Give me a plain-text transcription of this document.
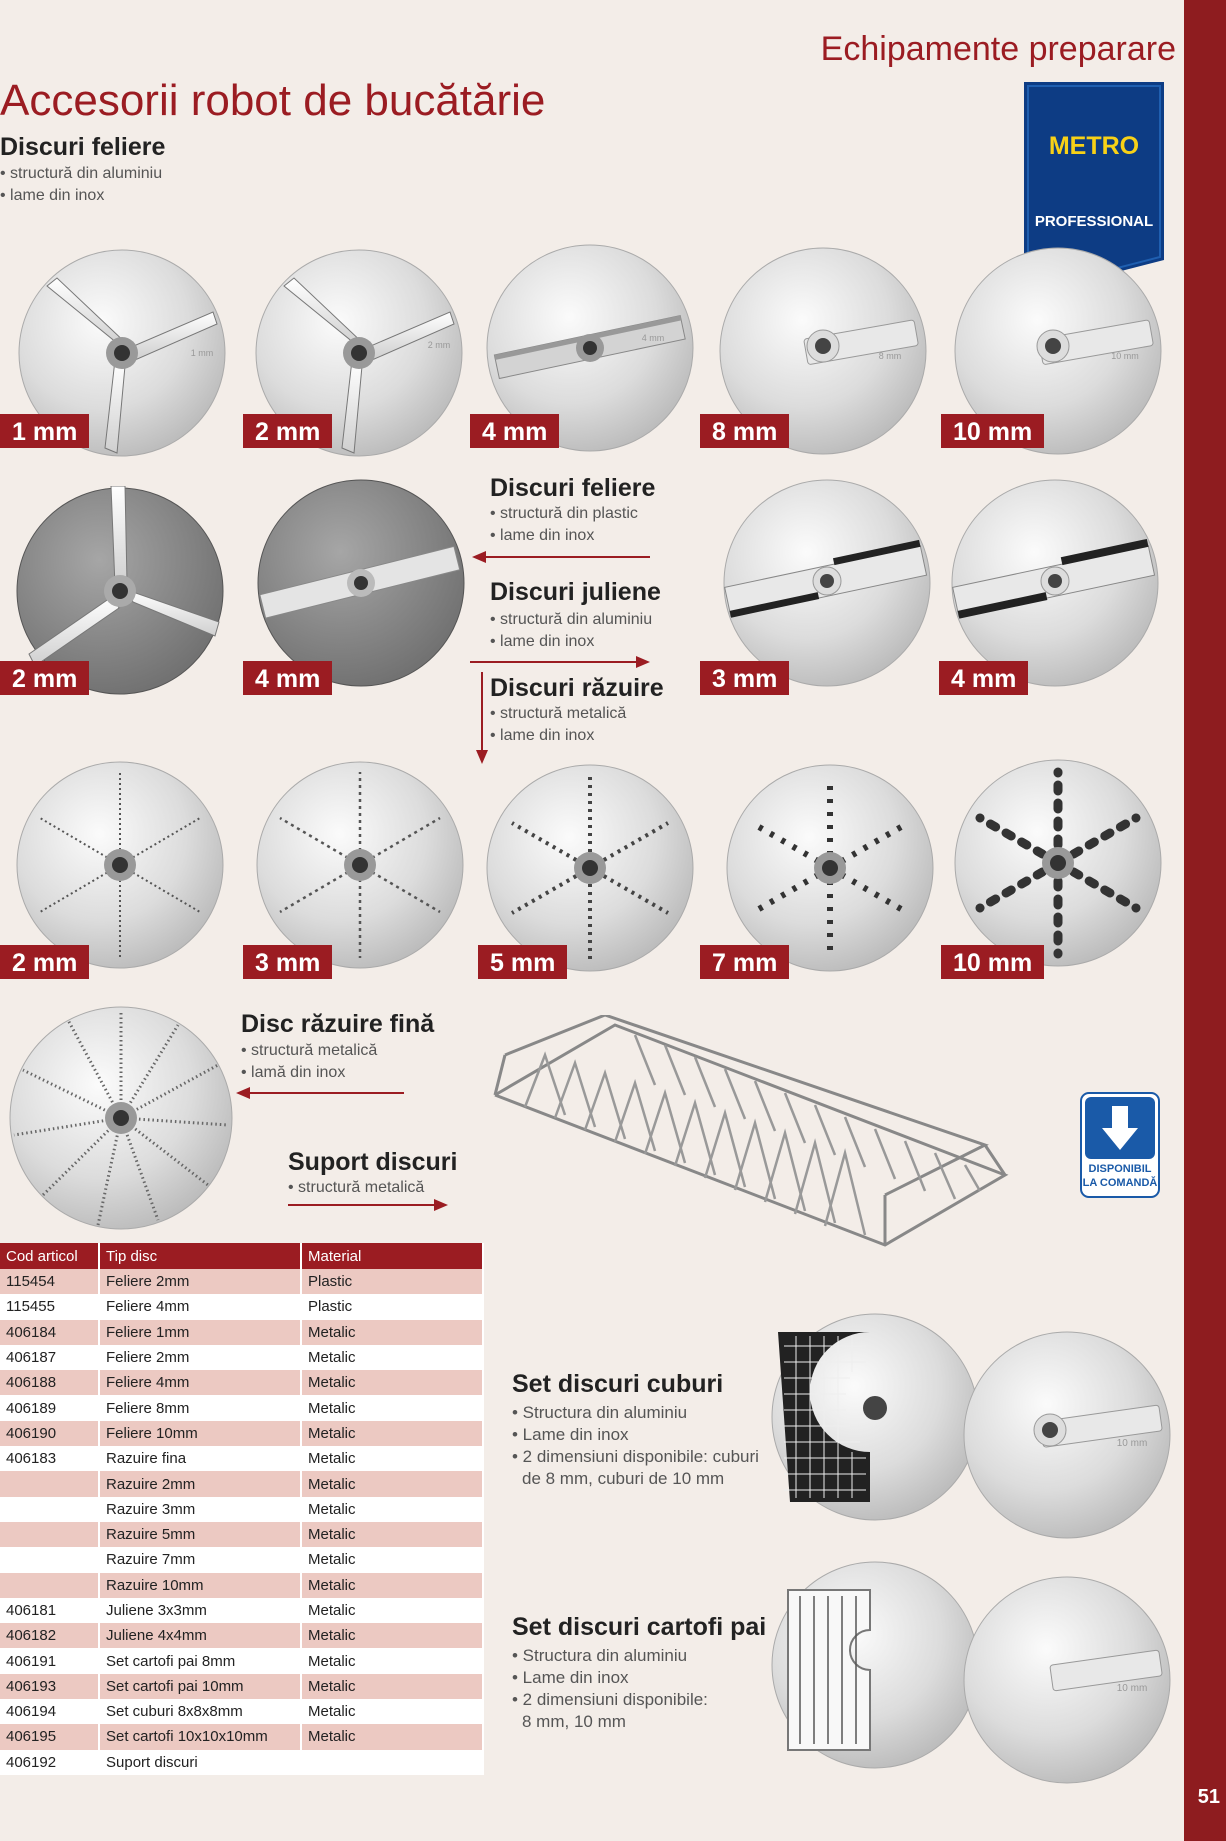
51
Echipamente preparare
Accesorii robot de bucătărie
METRO
PROFESSIONAL
Discuri feliere
• structură din aluminiu
• lame din inox
1 mm
2 mm
4 mm
8 mm	10 mm
1 mm	2 mm	4 mm	8 mm	10 mm
2 mm	4 mm
Discuri feliere
• structură din plastic
• lame din inox
Discuri juliene
• structură din aluminiu
• lame din inox
3 mm	4 mm
Discuri răzuire
• structură metalică
• lame din inox
2 mm	3 mm	5 mm	7 mm	10 mm
Disc răzuire fină
• structură metalică
• lamă din inox
Suport discuri
• structură metalică
DISPONIBIL
LA COMANDĂ
Cod articol	Tip disc	Material
115454	Feliere 2mm	Plastic
115455	Feliere 4mm	Plastic
406184	Feliere 1mm	Metalic
406187	Feliere 2mm	Metalic
406188	Feliere 4mm	Metalic
406189	Feliere 8mm	Metalic
406190	Feliere 10mm	Metalic
406183	Razuire fina	Metalic
	Razuire 2mm	Metalic
	Razuire 3mm	Metalic
	Razuire 5mm	Metalic
	Razuire 7mm	Metalic
	Razuire 10mm	Metalic
406181	Juliene 3x3mm	Metalic
406182	Juliene 4x4mm	Metalic
406191	Set cartofi pai 8mm	Metalic
406193	Set cartofi pai 10mm	Metalic
406194	Set cuburi 8x8x8mm	Metalic
406195	Set cartofi 10x10x10mm	Metalic
406192	Suport discuri	
Set discuri cuburi
• Structura din aluminiu
• Lame din inox
• 2 dimensiuni disponibile: cuburi
de 8 mm, cuburi de 10 mm
10 mm
Set discuri cartofi pai
• Structura din aluminiu
• Lame din inox
• 2 dimensiuni disponibile:
8 mm, 10 mm
10 mm
